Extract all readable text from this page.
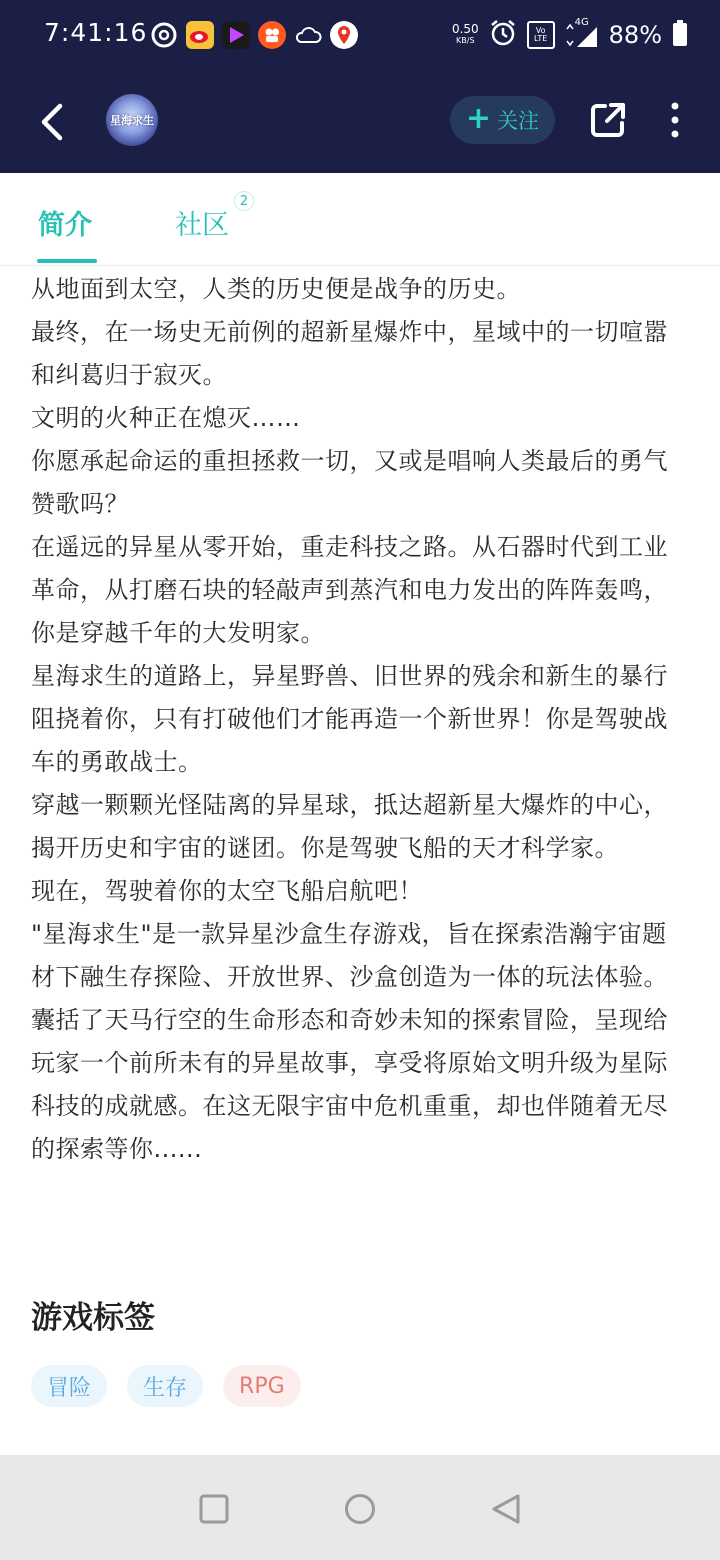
7:41:16	0.50
KB/S
Vo LTE
4G 88%
星海求生	+ 关注
简介	社区
2

从地面到太空，人类的历史便是战争的历史。

最终，在一场史无前例的超新星爆炸中，星域中的一切喧嚣和纠葛归于寂灭。

文明的火种正在熄灭……

你愿承起命运的重担拯救一切，又或是唱响人类最后的勇气赞歌吗？

在遥远的异星从零开始，重走科技之路。从石器时代到工业革命，从打磨石块的轻敲声到蒸汽和电力发出的阵阵轰鸣，你是穿越千年的大发明家。

星海求生的道路上，异星野兽、旧世界的残余和新生的暴行阻挠着你，只有打破他们才能再造一个新世界！你是驾驶战车的勇敢战士。

穿越一颗颗光怪陆离的异星球，抵达超新星大爆炸的中心，揭开历史和宇宙的谜团。你是驾驶飞船的天才科学家。

现在，驾驶着你的太空飞船启航吧！

"星海求生"是一款异星沙盒生存游戏，旨在探索浩瀚宇宙题材下融生存探险、开放世界、沙盒创造为一体的玩法体验。囊括了天马行空的生命形态和奇妙未知的探索冒险，呈现给玩家一个前所未有的异星故事，享受将原始文明升级为星际科技的成就感。在这无限宇宙中危机重重，却也伴随着无尽的探索等你......

游戏标签
冒险	生存	RPG
